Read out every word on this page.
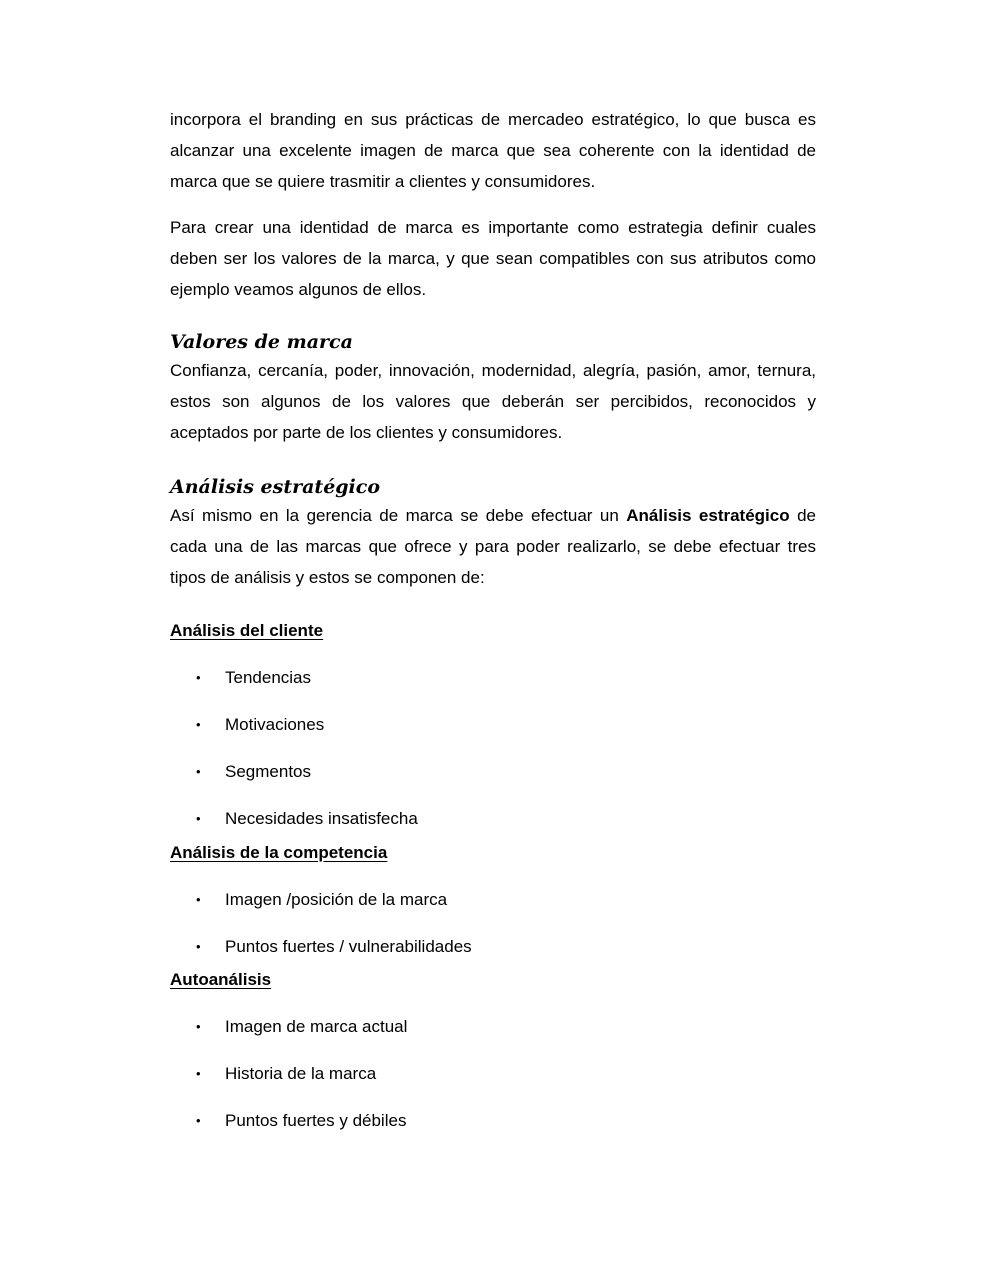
incorpora el branding en sus prácticas de mercadeo estratégico, lo que busca es alcanzar una excelente imagen de marca que sea coherente con la identidad de marca que se quiere trasmitir a clientes y consumidores.

Para crear una identidad de marca es importante como estrategia definir cuales deben ser los valores de la marca, y que sean compatibles con sus atributos como ejemplo veamos algunos de ellos.

Valores de marca

Confianza, cercanía, poder, innovación, modernidad, alegría, pasión, amor, ternura, estos son algunos de los valores que deberán ser percibidos, reconocidos y aceptados por parte de los clientes y consumidores.

Análisis estratégico

Así mismo en la gerencia de marca se debe efectuar un Análisis estratégico de cada una de las marcas que ofrece y para poder realizarlo, se debe efectuar tres tipos de análisis y estos se componen de:

Análisis del cliente
• Tendencias
• Motivaciones
• Segmentos
• Necesidades insatisfecha
Análisis de la competencia
• Imagen /posición de la marca
• Puntos fuertes / vulnerabilidades
Autoanálisis
• Imagen de marca actual
• Historia de la marca
• Puntos fuertes y débiles
